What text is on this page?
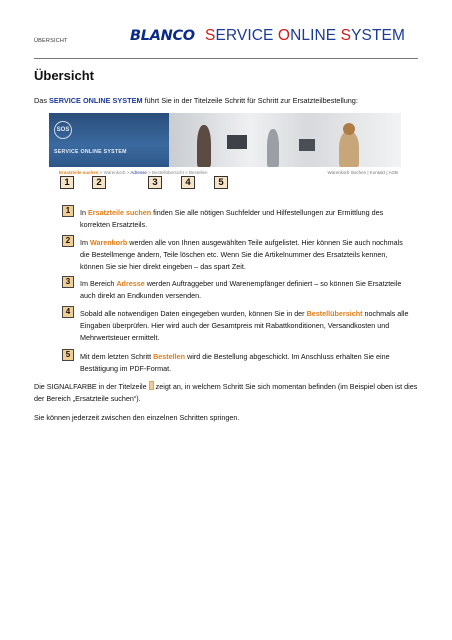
ÜBERSICHT	BLANCO SERVICE ONLINE SYSTEM
Übersicht
Das SERVICE ONLINE SYSTEM führt Sie in der Titelzeile Schritt für Schritt zur Ersatzteilbestellung:
SOS
SERVICE ONLINE SYSTEM
Ersatzteile suchen > Warenkorb > Adresse > Bestellübersicht > Bestellen	Warenkorb löschen | Kontakt | AGB
1	2	3	4	5
1	In Ersatzteile suchen finden Sie alle nötigen Suchfelder und Hilfestellungen zur Ermittlung des korrekten Ersatzteils.
2	Im Warenkorb werden alle von Ihnen ausgewählten Teile aufgelistet. Hier können Sie auch nochmals die Bestellmenge ändern, Teile löschen etc. Wenn Sie die Artikelnummer des Ersatzteils kennen, können Sie sie hier direkt eingeben – das spart Zeit.
3	Im Bereich Adresse werden Auftraggeber und Warenempfänger definiert – so können Sie Ersatzteile auch direkt an Endkunden versenden.
4	Sobald alle notwendigen Daten eingegeben wurden, können Sie in der Bestellübersicht nochmals alle Eingaben überprüfen. Hier wird auch der Gesamtpreis mit Rabattkonditionen, Versandkosten und Mehrwertsteuer ermittelt.
5	Mit dem letzten Schritt Bestellen wird die Bestellung abgeschickt. Im Anschluss erhalten Sie eine Bestätigung im PDF-Format.
Die SIGNALFARBE in der Titelzeile  zeigt an, in welchem Schritt Sie sich momentan befinden (im Beispiel oben ist dies der Bereich „Ersatzteile suchen“).
Sie können jederzeit zwischen den einzelnen Schritten springen.
